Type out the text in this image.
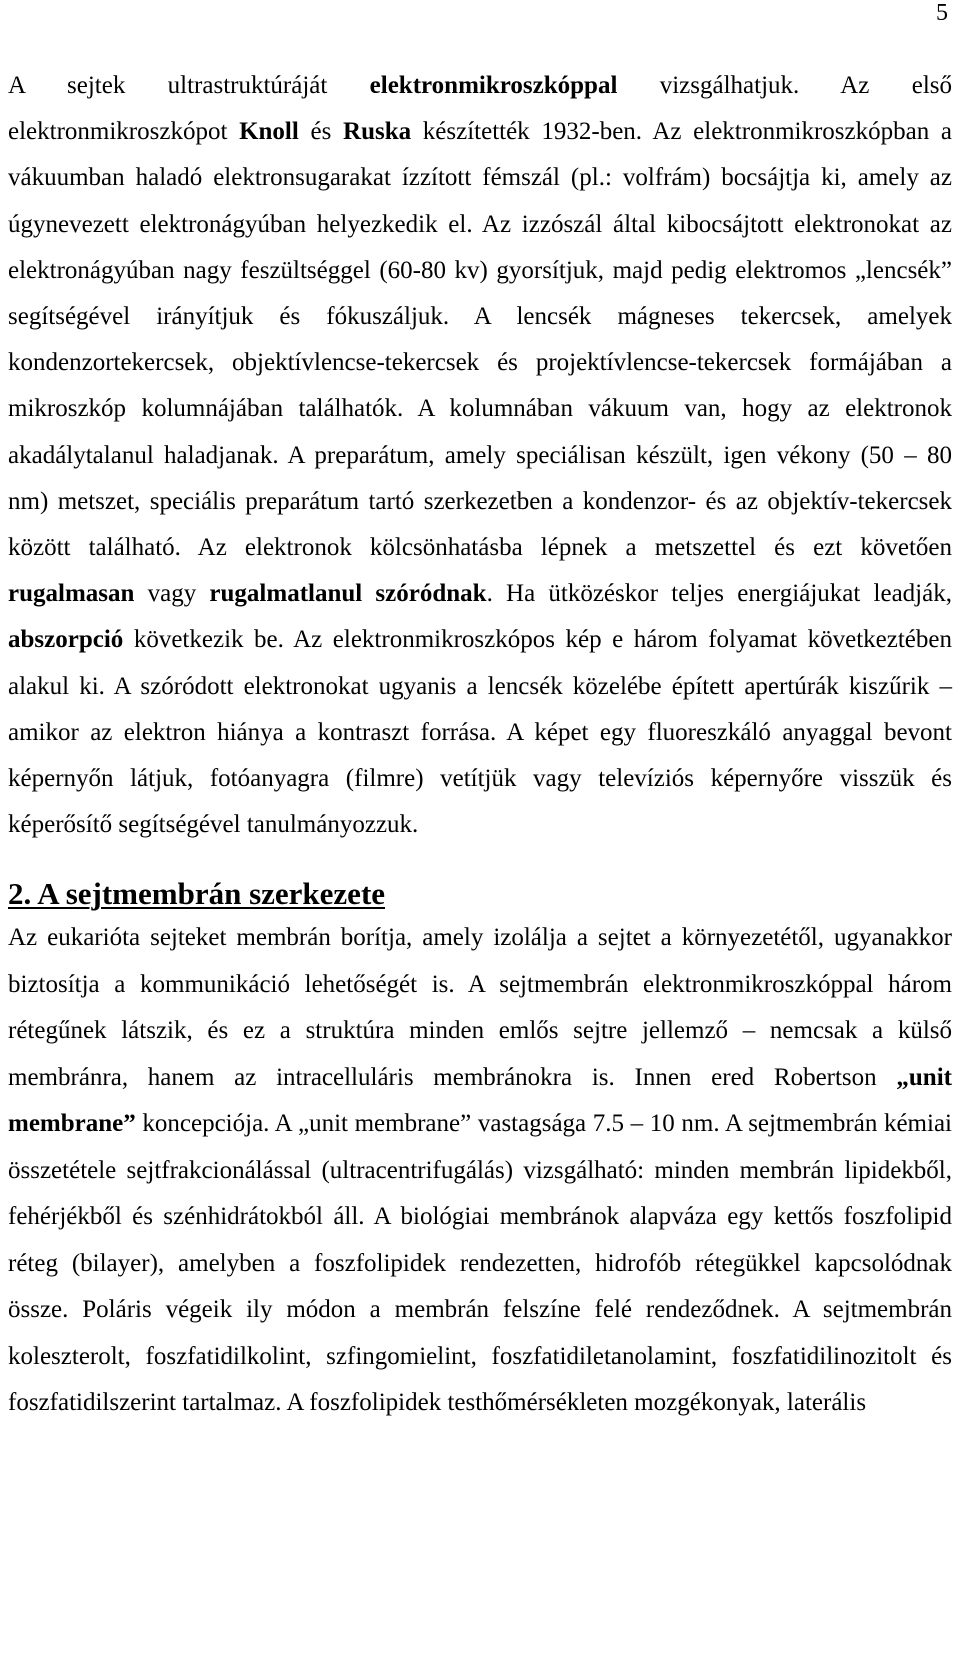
5

A sejtek ultrastruktúráját elektronmikroszkóppal vizsgálhatjuk. Az első elektronmikroszkópot Knoll és Ruska készítették 1932-ben. Az elektronmikroszkópban a vákuumban haladó elektronsugarakat ízzított fémszál (pl.: volfrám) bocsájtja ki, amely az úgynevezett elektronágyúban helyezkedik el. Az izzószál által kibocsájtott elektronokat az elektronágyúban nagy feszültséggel (60-80 kv) gyorsítjuk, majd pedig elektromos „lencsék” segítségével irányítjuk és fókuszáljuk. A lencsék mágneses tekercsek, amelyek kondenzortekercsek, objektívlencse-tekercsek és projektívlencse-tekercsek formájában a mikroszkóp kolumnájában találhatók. A kolumnában vákuum van, hogy az elektronok akadálytalanul haladjanak. A preparátum, amely speciálisan készült, igen vékony (50 – 80 nm) metszet, speciális preparátum tartó szerkezetben a kondenzor- és az objektív-tekercsek között található. Az elektronok kölcsönhatásba lépnek a metszettel és ezt követően rugalmasan vagy rugalmatlanul szóródnak. Ha ütközéskor teljes energiájukat leadják, abszorpció következik be. Az elektronmikroszkópos kép e három folyamat következtében alakul ki. A szóródott elektronokat ugyanis a lencsék közelébe épített apertúrák kiszűrik – amikor az elektron hiánya a kontraszt forrása. A képet egy fluoreszkáló anyaggal bevont képernyőn látjuk, fotóanyagra (filmre) vetítjük vagy televíziós képernyőre visszük és képerősítő segítségével tanulmányozzuk.

2. A sejtmembrán szerkezete

Az eukarióta sejteket membrán borítja, amely izolálja a sejtet a környezetétől, ugyanakkor biztosítja a kommunikáció lehetőségét is. A sejtmembrán elektronmikroszkóppal három rétegűnek látszik, és ez a struktúra minden emlős sejtre jellemző – nemcsak a külső membránra, hanem az intracelluláris membránokra is. Innen ered Robertson „unit membrane” koncepciója. A „unit membrane” vastagsága 7.5 – 10 nm. A sejtmembrán kémiai összetétele sejtfrakcionálással (ultracentrifugálás) vizsgálható: minden membrán lipidekből, fehérjékből és szénhidrátokból áll. A biológiai membránok alapváza egy kettős foszfolipid réteg (bilayer), amelyben a foszfolipidek rendezetten, hidrofób rétegükkel kapcsolódnak össze. Poláris végeik ily módon a membrán felszíne felé rendeződnek. A sejtmembrán koleszterolt, foszfatidilkolint, szfingomielint, foszfatidiletanolamint, foszfatidilinozitolt és foszfatidilszerint tartalmaz. A foszfolipidek testhőmérsékleten mozgékonyak, laterális
